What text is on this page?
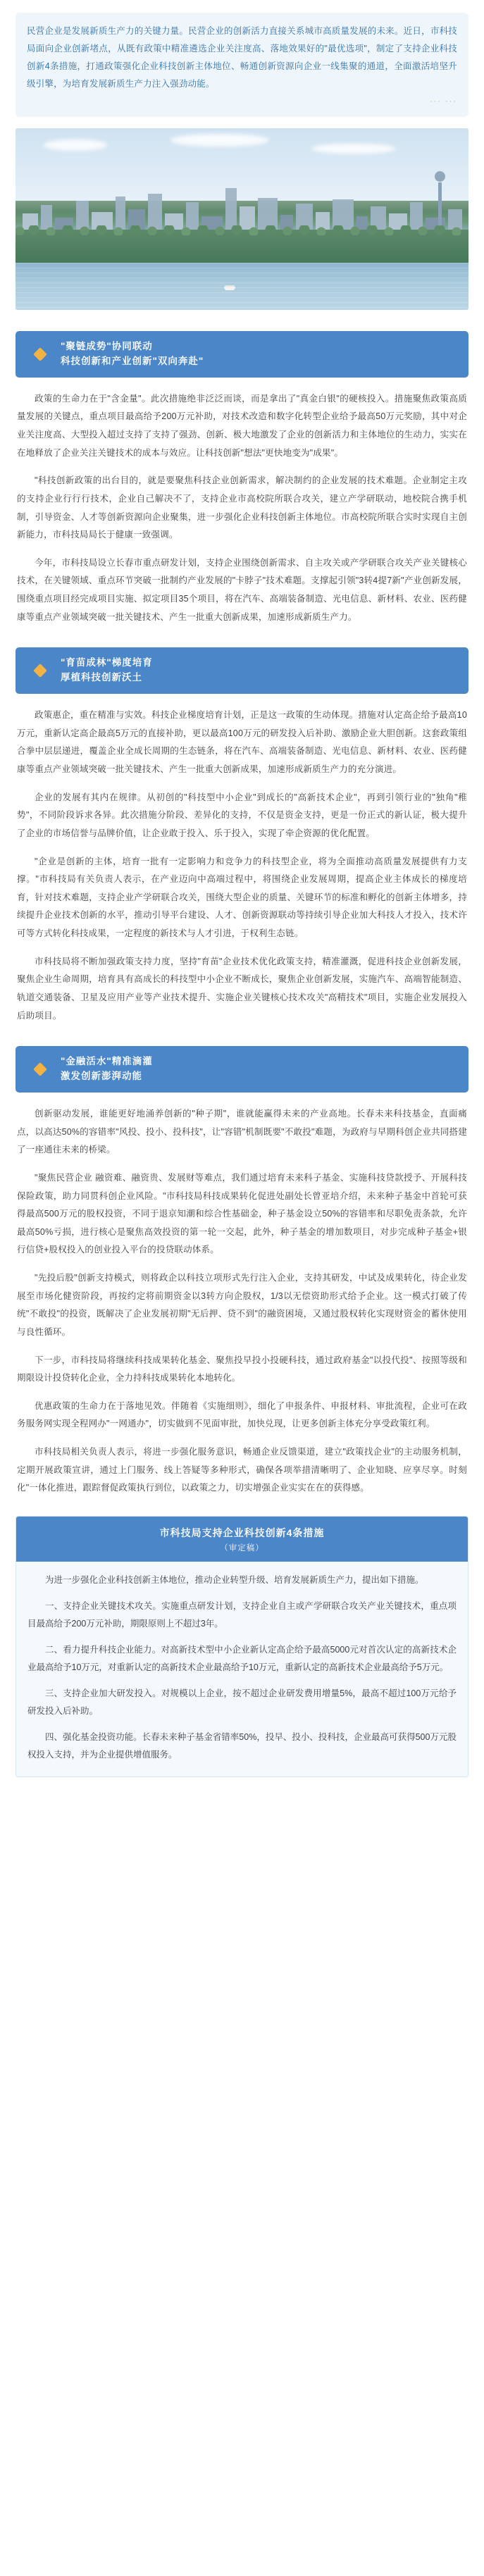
民营企业是发展新质生产力的关键力量。民营企业的创新活力直接关系城市高质量发展的未来。近日，市科技局面向企业创新堵点，从既有政策中精准遴选企业关注度高、落地效果好的"最优选项"，制定了支持企业科技创新4条措施，打通政策强化企业科技创新主体地位、畅通创新资源向企业一线集聚的通道，全面激活培坚升级引擎，为培育发展新质生产力注入强劲动能。

··· ···
"聚链成势"协同联动
科技创新和产业创新"双向奔赴"

政策的生命力在于"含金量"。此次措施绝非泛泛而谈，而是拿出了"真金白银"的硬核投入。措施聚焦政策高质量发展的关键点，重点项目最高给予200万元补助，对技术改造和数字化转型企业给予最高50万元奖励，其中对企业关注度高、大型投入超过支持了支持了强劲、创新、极大地激发了企业的创新活力和主体地位的生动力，实实在在地释放了企业关注关键技术的成本与效应。让科技创新"想法"更快地变为"成果"。

"科技创新政策的出台目的，就是要聚焦科技企业创新需求，解决制约的企业发展的技术难题。企业制定主攻的支持企业行行行技术，企业自己解决不了，支持企业市高校院所联合攻关，建立产学研联动，地校院合携手机制，引导资金、人才等创新资源向企业聚集，进一步强化企业科技创新主体地位。市高校院所联合实时实现自主创新能力，市科技局局长于健康一致强调。

今年，市科技局设立长春市重点研发计划，支持企业围绕创新需求、自主攻关或产学研联合攻关产业关键核心技术，在关键领域、重点环节突破一批制约产业发展的"卡脖子"技术难题。支撑起引领"3转4提7新"产业创新发展，围绕重点项目经完成项目实施、拟定项目35个项目，将在汽车、高端装备制造、光电信息、新材料、农业、医药健康等重点产业领域突破一批关键技术、产生一批重大创新成果，加速形成新质生产力。

"育苗成林"梯度培育
厚植科技创新沃土

政策惠企，重在精准与实效。科技企业梯度培育计划，正是这一政策的生动体现。措施对认定高企给予最高10万元，重新认定高企最高5万元的直接补助，更以最高100万元的研发投入后补助、激励企业大胆创新。这套政策组合拳中层层递进，覆盖企业全成长周期的生态链条，将在汽车、高端装备制造、光电信息、新材料、农业、医药健康等重点产业领域突破一批关键技术、产生一批重大创新成果，加速形成新质生产力的充分演进。

企业的发展有其内在规律。从初创的"科技型中小企业"到成长的"高新技术企业"，再到引领行业的"独角"稚势"，不同阶段诉求各异。此次措施分阶段、差异化的支持，不仅是资金支持，更是一份正式的新认证，极大提升了企业的市场信誉与品牌价值，让企业敢于投入、乐于投入，实现了牵企资源的优化配置。

"企业是创新的主体，培育一批有一定影响力和竞争力的科技型企业，将为全面推动高质量发展提供有力支撑。"市科技局有关负责人表示，在产业迈向中高端过程中，将围绕企业发展周期，提高企业主体成长的梯度培育，针对技术难题，支持企业产学研联合攻关，围绕大型企业的质量、关键环节的标准和孵化的创新主体增多，持续提升企业技术创新的水平，推动引导平台建设、人才、创新资源联动等持续引导企业加大科技人才投入，技术许可等方式转化科技成果，一定程度的新技术与人才引进，于权利生态链。

市科技局将不断加强政策支持力度，坚持"育苗"企业技术优化政策支持，精准灌溉，促进科技企业创新发展，聚焦企业生命周期，培育具有高成长的科技型中小企业不断成长，聚焦企业创新发展，实施汽车、高端智能制造、轨道交通装备、卫星及应用产业等产业技术提升、实施企业关键核心技术攻关"高精技术"项目，实施企业发展投入后助项目。

"金融活水"精准滴灌
激发创新澎湃动能

创新驱动发展，谁能更好地涌养创新的"种子期"，谁就能赢得未来的产业高地。长春未来科技基金，直面痛点，以高达50%的容错率"风投、投小、投科技"，让"容错"机制既要"不敢投"难题，为政府与早期科创企业共同搭建了一座通往未来的桥梁。

"聚焦民营企业 融资难、融资贵、发展财等难点，我们通过培育未来科子基金、实施科技贷款授予、开展科技保险政策，助力同贯科创企业风险。"市科技局科技成果转化促进处副处长曾亚培介绍，未来种子基金中首轮可获得最高500万元的股权投资，不同于退京知潮和综合性基础金，种子基金设立50%的容错率和尽职免责条款，允许最高50%亏损，进行核心是聚焦高效投资的第一轮一交起，此外，种子基金的增加数项目，对步完成种子基金+银行信贷+股权投入的创业投入平台的投贷联动体系。

"先投后股"创新支持模式，则将政企以科技立项形式先行注入企业，支持其研发，中试及成果转化，待企业发展至市场化健资阶段，再按约定将前期资金以3转方向企股权，1/3以无偿资助形式给予企业。这一模式打破了传统"不敢投"的投资，既解决了企业发展初期"无后押、贷不到"的融资困境，又通过股权转化实现财资金的蓄休使用与良性循环。

下一步，市科技局将继续科技成果转化基金、聚焦投早投小投硬科技，通过政府基金"以投代投"、按照等级和期限设计投贷转化企业，全力持科技成果转化本地转化。

优惠政策的生命力在于落地见效。伴随着《实施细则》，细化了申报条件、申报材料、审批流程，企业可在政务服务网实现全程网办"一网通办"，切实做到不见面审批，加快兑现，让更多创新主体充分享受政策红利。

市科技局相关负责人表示，将进一步强化服务意识，畅通企业反馈渠道，建立"政策找企业"的主动服务机制，定期开展政策宣讲，通过上门服务、线上答疑等多种形式，确保各项举措清晰明了、企业知晓、应享尽享。时刻化"一体化推进，跟踪督促政策执行到位，以政策之力，切实增强企业实实在在的获得感。

市科技局支持企业科技创新4条措施
（审定稿）

为进一步强化企业科技创新主体地位，推动企业转型升级、培育发展新质生产力，提出如下措施。

一、支持企业关键技术攻关。实施重点研发计划，支持企业自主或产学研联合攻关产业关键技术，重点项目最高给予200万元补助，期限原则上不超过3年。

二、看力提升科技企业能力。对高新技术型中小企业新认定高企给予最高5000元对首次认定的高新技术企业最高给予10万元，对重新认定的高新技术企业最高给予10万元，重新认定的高新技术企业最高给予5万元。

三、支持企业加大研发投入。对规模以上企业，按不超过企业研发费用增量5%，最高不超过100万元给予研发投入后补助。

四、强化基金投资功能。长春未来种子基金省错率50%，投早、投小、投科技，企业最高可获得500万元股权投入支持，并为企业提供增值服务。
